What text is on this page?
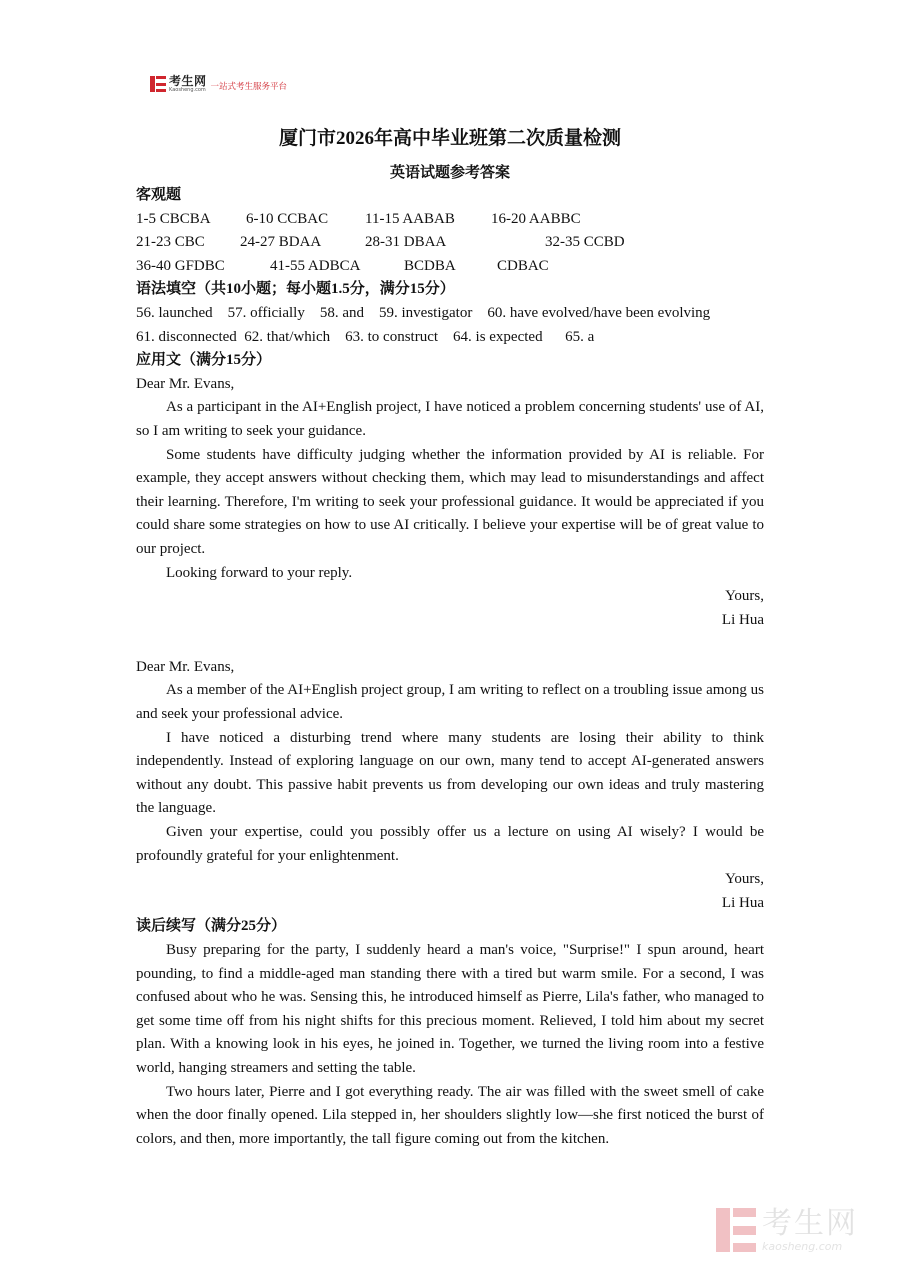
考生网
Kaosheng.com 一站式考生服务平台
厦门市2026年高中毕业班第二次质量检测
英语试题参考答案

客观题

1-5 CBCBA	6-10 CCBAC	11-15 AABAB	16-20 AABBC
21-23 CBC	24-27 BDAA	28-31 DBAA	32-35 CCBD
36-40 GFDBC	41-55 ADBCA	BCDBA	CDBAC

语法填空（共10小题；每小题1.5分，满分15分）

56. launched    57. officially    58. and    59. investigator    60. have evolved/have been evolving

61. disconnected  62. that/which    63. to construct    64. is expected      65. a

应用文（满分15分）

Dear Mr. Evans,

As a participant in the AI+English project, I have noticed a problem concerning students' use of AI, so I am writing to seek your guidance.

Some students have difficulty judging whether the information provided by AI is reliable. For example, they accept answers without checking them, which may lead to misunderstandings and affect their learning. Therefore, I'm writing to seek your professional guidance. It would be appreciated if you could share some strategies on how to use AI critically. I believe your expertise will be of great value to our project.

Looking forward to your reply.

Yours,

Li Hua

Dear Mr. Evans,

As a member of the AI+English project group, I am writing to reflect on a troubling issue among us and seek your professional advice.

I have noticed a disturbing trend where many students are losing their ability to think independently. Instead of exploring language on our own, many tend to accept AI-generated answers without any doubt. This passive habit prevents us from developing our own ideas and truly mastering the language.

Given your expertise, could you possibly offer us a lecture on using AI wisely? I would be profoundly grateful for your enlightenment.

Yours,

Li Hua

读后续写（满分25分）

Busy preparing for the party, I suddenly heard a man's voice, "Surprise!" I spun around, heart pounding, to find a middle-aged man standing there with a tired but warm smile. For a second, I was confused about who he was. Sensing this, he introduced himself as Pierre, Lila's father, who managed to get some time off from his night shifts for this precious moment. Relieved, I told him about my secret plan. With a knowing look in his eyes, he joined in. Together, we turned the living room into a festive world, hanging streamers and setting the table.

Two hours later, Pierre and I got everything ready. The air was filled with the sweet smell of cake when the door finally opened. Lila stepped in, her shoulders slightly low—she first noticed the burst of colors, and then, more importantly, the tall figure coming out from the kitchen.

考生网
kaosheng.com
